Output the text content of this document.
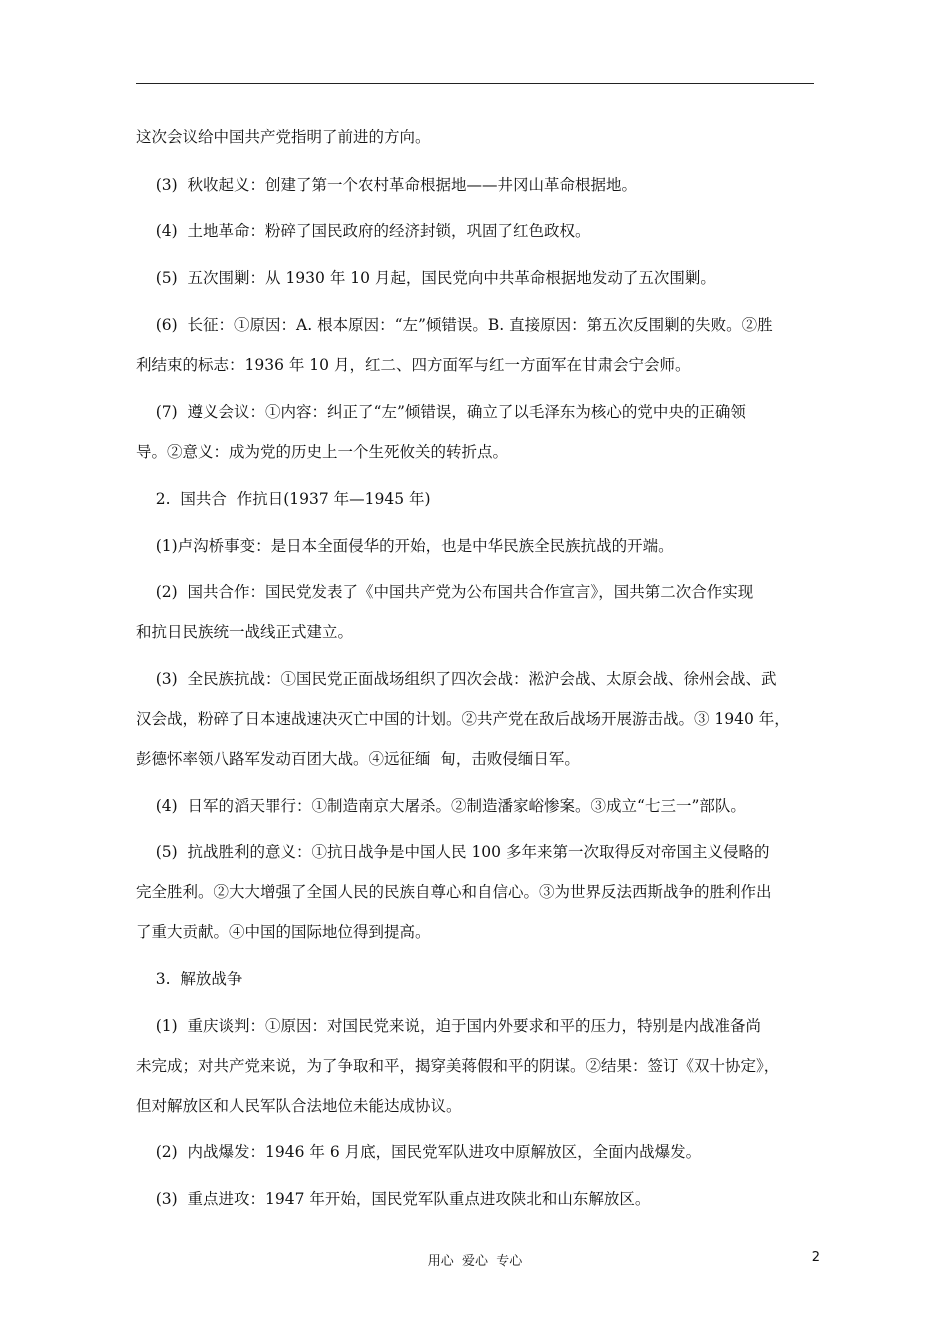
这次会议给中国共产党指明了前进的方向。
(3)  秋收起义：创建了第一个农村革命根据地——井冈山革命根据地。
(4)  土地革命：粉碎了国民政府的经济封锁，巩固了红色政权。
(5)  五次围剿：从 1930 年 10 月起，国民党向中共革命根据地发动了五次围剿。
(6)  长征：①原因：A. 根本原因：“左”倾错误。B. 直接原因：第五次反围剿的失败。②胜
利结束的标志：1936 年 10 月，红二、四方面军与红一方面军在甘肃会宁会师。
(7)  遵义会议：①内容：纠正了“左”倾错误，确立了以毛泽东为核心的党中央的正确领
导。②意义：成为党的历史上一个生死攸关的转折点。
2.  国共合  作抗日(1937 年—1945 年)
(1)卢沟桥事变：是日本全面侵华的开始，也是中华民族全民族抗战的开端。
(2)  国共合作：国民党发表了《中国共产党为公布国共合作宣言》，国共第二次合作实现
和抗日民族统一战线正式建立。
(3)  全民族抗战：①国民党正面战场组织了四次会战：淞沪会战、太原会战、徐州会战、武
汉会战，粉碎了日本速战速决灭亡中国的计划。②共产党在敌后战场开展游击战。③ 1940 年，
彭德怀率领八路军发动百团大战。④远征缅  甸，击败侵缅日军。
(4)  日军的滔天罪行：①制造南京大屠杀。②制造潘家峪惨案。③成立“七三一”部队。
(5)  抗战胜利的意义：①抗日战争是中国人民 100 多年来第一次取得反对帝国主义侵略的
完全胜利。②大大增强了全国人民的民族自尊心和自信心。③为世界反法西斯战争的胜利作出
了重大贡献。④中国的国际地位得到提高。
3.  解放战争
(1)  重庆谈判：①原因：对国民党来说，迫于国内外要求和平的压力，特别是内战准备尚
未完成；对共产党来说，为了争取和平，揭穿美蒋假和平的阴谋。②结果：签订《双十协定》，
但对解放区和人民军队合法地位未能达成协议。
(2)  内战爆发：1946 年 6 月底，国民党军队进攻中原解放区，全面内战爆发。
(3)  重点进攻：1947 年开始，国民党军队重点进攻陕北和山东解放区。
用心  爱心  专心	2
